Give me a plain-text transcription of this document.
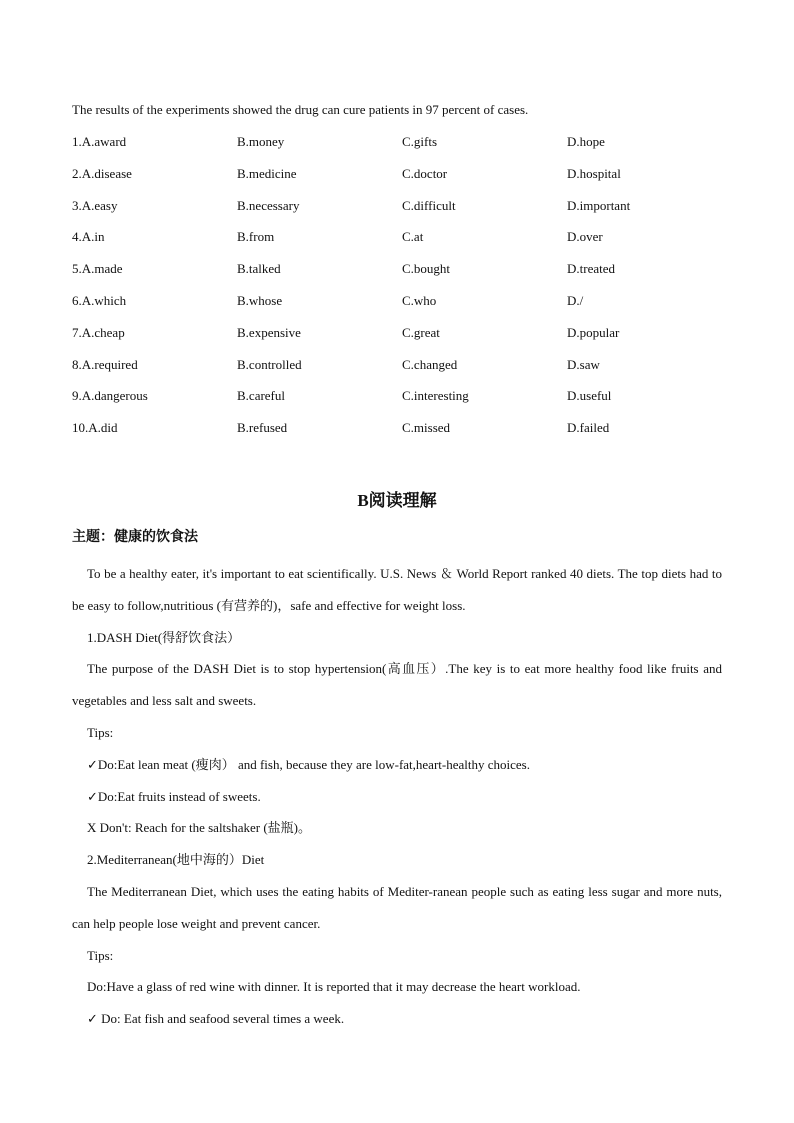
The results of the experiments showed the drug can cure patients in 97 percent of cases.
1.A.award	B.money	C.gifts	D.hope
2.A.disease	B.medicine	C.doctor	D.hospital
3.A.easy	B.necessary	C.difficult	D.important
4.A.in	B.from	C.at	D.over
5.A.made	B.talked	C.bought	D.treated
6.A.which	B.whose	C.who	D./
7.A.cheap	B.expensive	C.great	D.popular
8.A.required	B.controlled	C.changed	D.saw
9.A.dangerous	B.careful	C.interesting	D.useful
10.A.did	B.refused	C.missed	D.failed
B阅读理解
主题：健康的饮食法

To be a healthy eater, it's important to eat scientifically. U.S. News ＆ World Report ranked 40 diets. The top diets had to be easy to follow,nutritious (有营养的)，safe and effective for weight loss.

1.DASH Diet(得舒饮食法）

The purpose of the DASH Diet is to stop hypertension(高血压）.The key is to eat more healthy food like fruits and vegetables and less salt and sweets.

Tips:

✓Do:Eat lean meat (瘦肉） and fish, because they are low-fat,heart-healthy choices.

✓Do:Eat fruits instead of sweets.

X Don't: Reach for the saltshaker (盐瓶)。

2.Mediterranean(地中海的）Diet

The Mediterranean Diet, which uses the eating habits of Mediter-ranean people such as eating less sugar and more nuts, can help people lose weight and prevent cancer.

Tips:

Do:Have a glass of red wine with dinner. It is reported that it may decrease the heart workload.

✓ Do: Eat fish and seafood several times a week.
